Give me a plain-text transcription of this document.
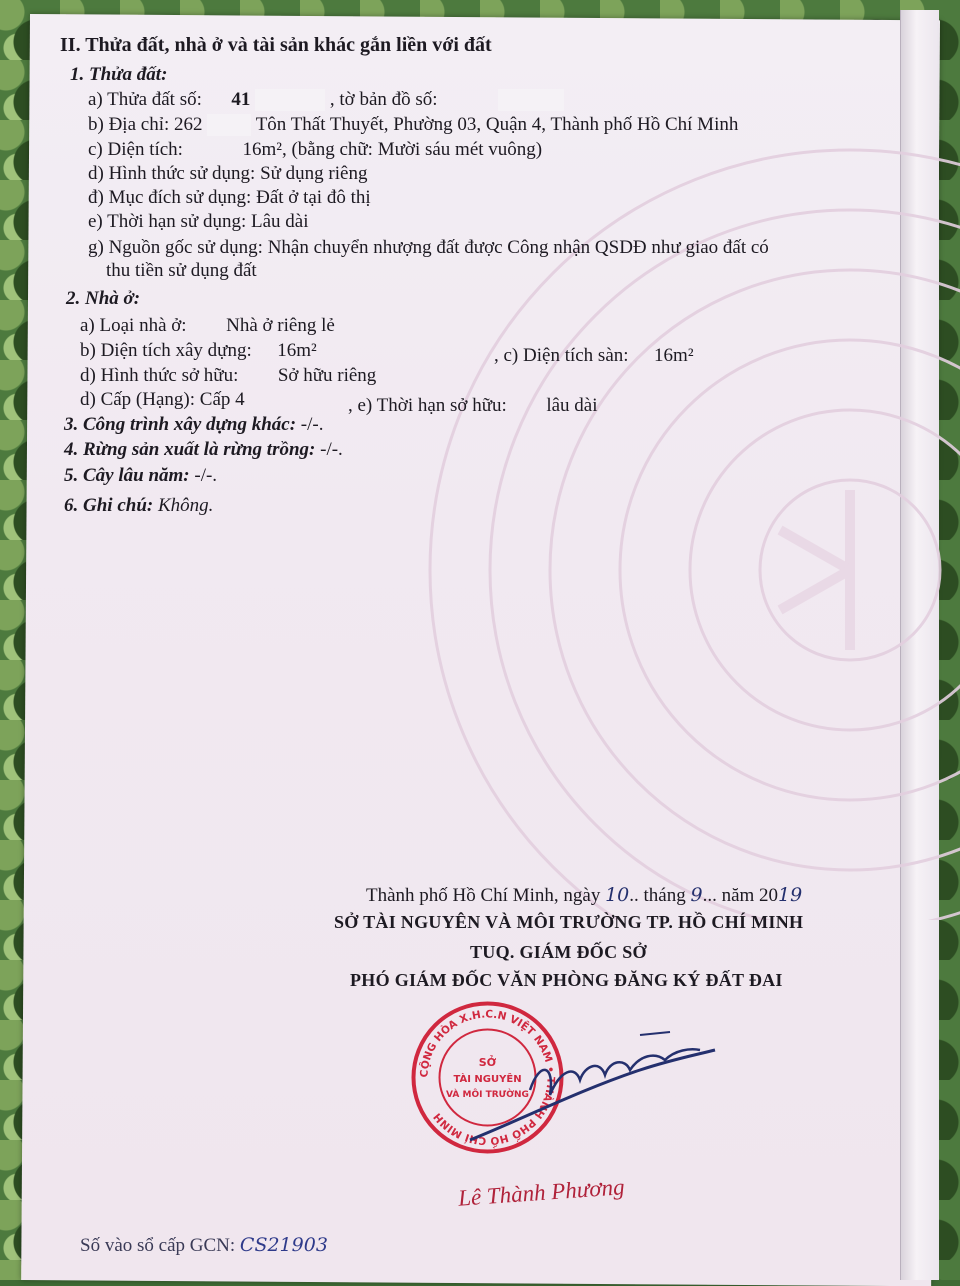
II. Thửa đất, nhà ở và tài sản khác gắn liền với đất
1. Thửa đất:
a) Thửa đất số: 41	, tờ bản đồ số:
b) Địa chỉ: 262	Tôn Thất Thuyết, Phường 03, Quận 4, Thành phố Hồ Chí Minh
c) Diện tích:	16m², (bằng chữ: Mười sáu mét vuông)
d) Hình thức sử dụng: Sử dụng riêng
đ) Mục đích sử dụng: Đất ở tại đô thị
e) Thời hạn sử dụng: Lâu dài
g) Nguồn gốc sử dụng: Nhận chuyển nhượng đất được Công nhận QSDĐ như giao đất có
thu tiền sử dụng đất
2. Nhà ở:
a) Loại nhà ở: Nhà ở riêng lẻ
b) Diện tích xây dựng: 16m²	, c) Diện tích sàn: 16m²
d) Hình thức sở hữu: Sở hữu riêng
d) Cấp (Hạng): Cấp 4	, e) Thời hạn sở hữu: lâu dài
3. Công trình xây dựng khác: -/-.
4. Rừng sản xuất là rừng trồng: -/-.
5. Cây lâu năm: -/-.
6. Ghi chú: Không.
Thành phố Hồ Chí Minh, ngày 10.. tháng 9... năm 2019
SỞ TÀI NGUYÊN VÀ MÔI TRƯỜNG TP. HỒ CHÍ MINH
TUQ. GIÁM ĐỐC SỞ
PHÓ GIÁM ĐỐC VĂN PHÒNG ĐĂNG KÝ ĐẤT ĐAI
CỘNG HÒA X.H.C.N VIỆT NAM • THÀNH PHỐ HỒ CHÍ MINH
SỞ
TÀI NGUYÊN
VÀ MÔI TRƯỜNG
Lê Thành Phương
Số vào sổ cấp GCN: CS21903
